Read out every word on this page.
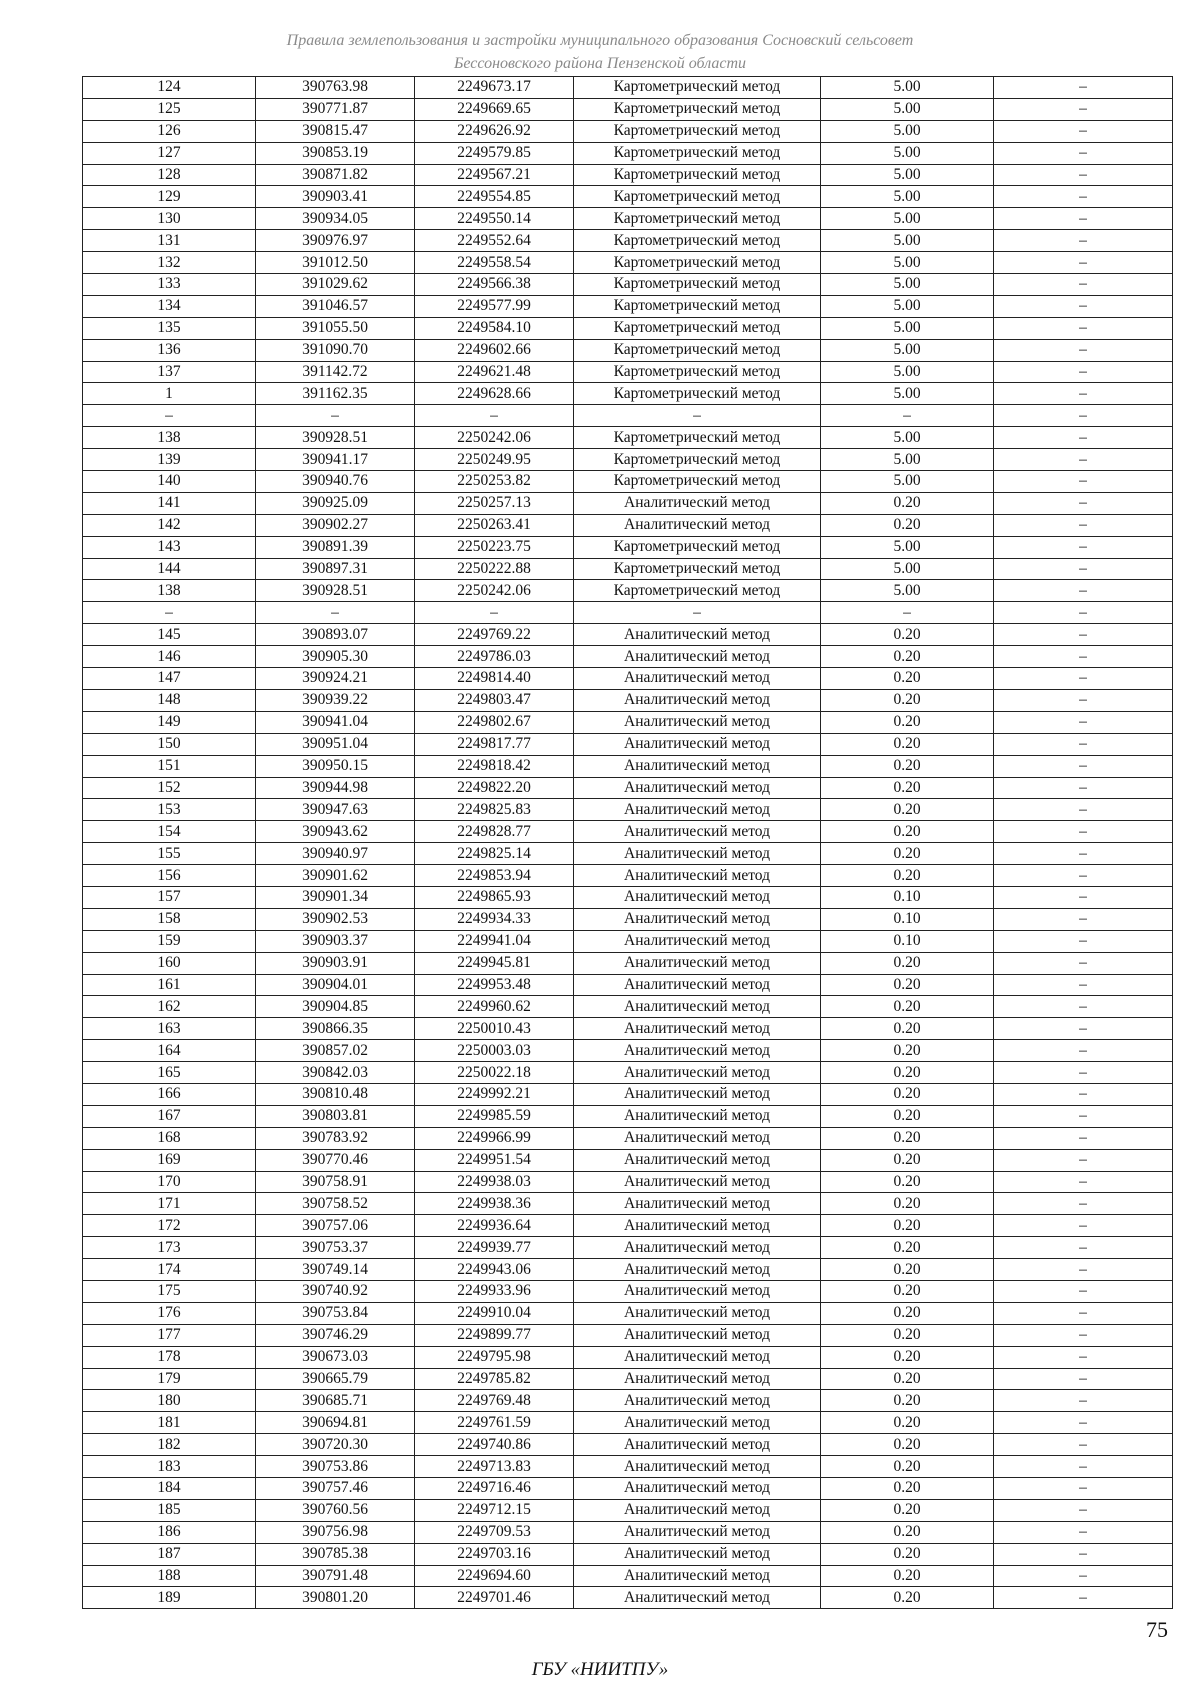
Правила землепользования и застройки муниципального образования Сосновский сельсовет
Бессоновского района Пензенской области
124	390763.98	2249673.17	Картометрический метод	5.00	–
125	390771.87	2249669.65	Картометрический метод	5.00	–
126	390815.47	2249626.92	Картометрический метод	5.00	–
127	390853.19	2249579.85	Картометрический метод	5.00	–
128	390871.82	2249567.21	Картометрический метод	5.00	–
129	390903.41	2249554.85	Картометрический метод	5.00	–
130	390934.05	2249550.14	Картометрический метод	5.00	–
131	390976.97	2249552.64	Картометрический метод	5.00	–
132	391012.50	2249558.54	Картометрический метод	5.00	–
133	391029.62	2249566.38	Картометрический метод	5.00	–
134	391046.57	2249577.99	Картометрический метод	5.00	–
135	391055.50	2249584.10	Картометрический метод	5.00	–
136	391090.70	2249602.66	Картометрический метод	5.00	–
137	391142.72	2249621.48	Картометрический метод	5.00	–
1	391162.35	2249628.66	Картометрический метод	5.00	–
–	–	–	–	–	–
138	390928.51	2250242.06	Картометрический метод	5.00	–
139	390941.17	2250249.95	Картометрический метод	5.00	–
140	390940.76	2250253.82	Картометрический метод	5.00	–
141	390925.09	2250257.13	Аналитический метод	0.20	–
142	390902.27	2250263.41	Аналитический метод	0.20	–
143	390891.39	2250223.75	Картометрический метод	5.00	–
144	390897.31	2250222.88	Картометрический метод	5.00	–
138	390928.51	2250242.06	Картометрический метод	5.00	–
–	–	–	–	–	–
145	390893.07	2249769.22	Аналитический метод	0.20	–
146	390905.30	2249786.03	Аналитический метод	0.20	–
147	390924.21	2249814.40	Аналитический метод	0.20	–
148	390939.22	2249803.47	Аналитический метод	0.20	–
149	390941.04	2249802.67	Аналитический метод	0.20	–
150	390951.04	2249817.77	Аналитический метод	0.20	–
151	390950.15	2249818.42	Аналитический метод	0.20	–
152	390944.98	2249822.20	Аналитический метод	0.20	–
153	390947.63	2249825.83	Аналитический метод	0.20	–
154	390943.62	2249828.77	Аналитический метод	0.20	–
155	390940.97	2249825.14	Аналитический метод	0.20	–
156	390901.62	2249853.94	Аналитический метод	0.20	–
157	390901.34	2249865.93	Аналитический метод	0.10	–
158	390902.53	2249934.33	Аналитический метод	0.10	–
159	390903.37	2249941.04	Аналитический метод	0.10	–
160	390903.91	2249945.81	Аналитический метод	0.20	–
161	390904.01	2249953.48	Аналитический метод	0.20	–
162	390904.85	2249960.62	Аналитический метод	0.20	–
163	390866.35	2250010.43	Аналитический метод	0.20	–
164	390857.02	2250003.03	Аналитический метод	0.20	–
165	390842.03	2250022.18	Аналитический метод	0.20	–
166	390810.48	2249992.21	Аналитический метод	0.20	–
167	390803.81	2249985.59	Аналитический метод	0.20	–
168	390783.92	2249966.99	Аналитический метод	0.20	–
169	390770.46	2249951.54	Аналитический метод	0.20	–
170	390758.91	2249938.03	Аналитический метод	0.20	–
171	390758.52	2249938.36	Аналитический метод	0.20	–
172	390757.06	2249936.64	Аналитический метод	0.20	–
173	390753.37	2249939.77	Аналитический метод	0.20	–
174	390749.14	2249943.06	Аналитический метод	0.20	–
175	390740.92	2249933.96	Аналитический метод	0.20	–
176	390753.84	2249910.04	Аналитический метод	0.20	–
177	390746.29	2249899.77	Аналитический метод	0.20	–
178	390673.03	2249795.98	Аналитический метод	0.20	–
179	390665.79	2249785.82	Аналитический метод	0.20	–
180	390685.71	2249769.48	Аналитический метод	0.20	–
181	390694.81	2249761.59	Аналитический метод	0.20	–
182	390720.30	2249740.86	Аналитический метод	0.20	–
183	390753.86	2249713.83	Аналитический метод	0.20	–
184	390757.46	2249716.46	Аналитический метод	0.20	–
185	390760.56	2249712.15	Аналитический метод	0.20	–
186	390756.98	2249709.53	Аналитический метод	0.20	–
187	390785.38	2249703.16	Аналитический метод	0.20	–
188	390791.48	2249694.60	Аналитический метод	0.20	–
189	390801.20	2249701.46	Аналитический метод	0.20	–
75
ГБУ «НИИТПУ»
